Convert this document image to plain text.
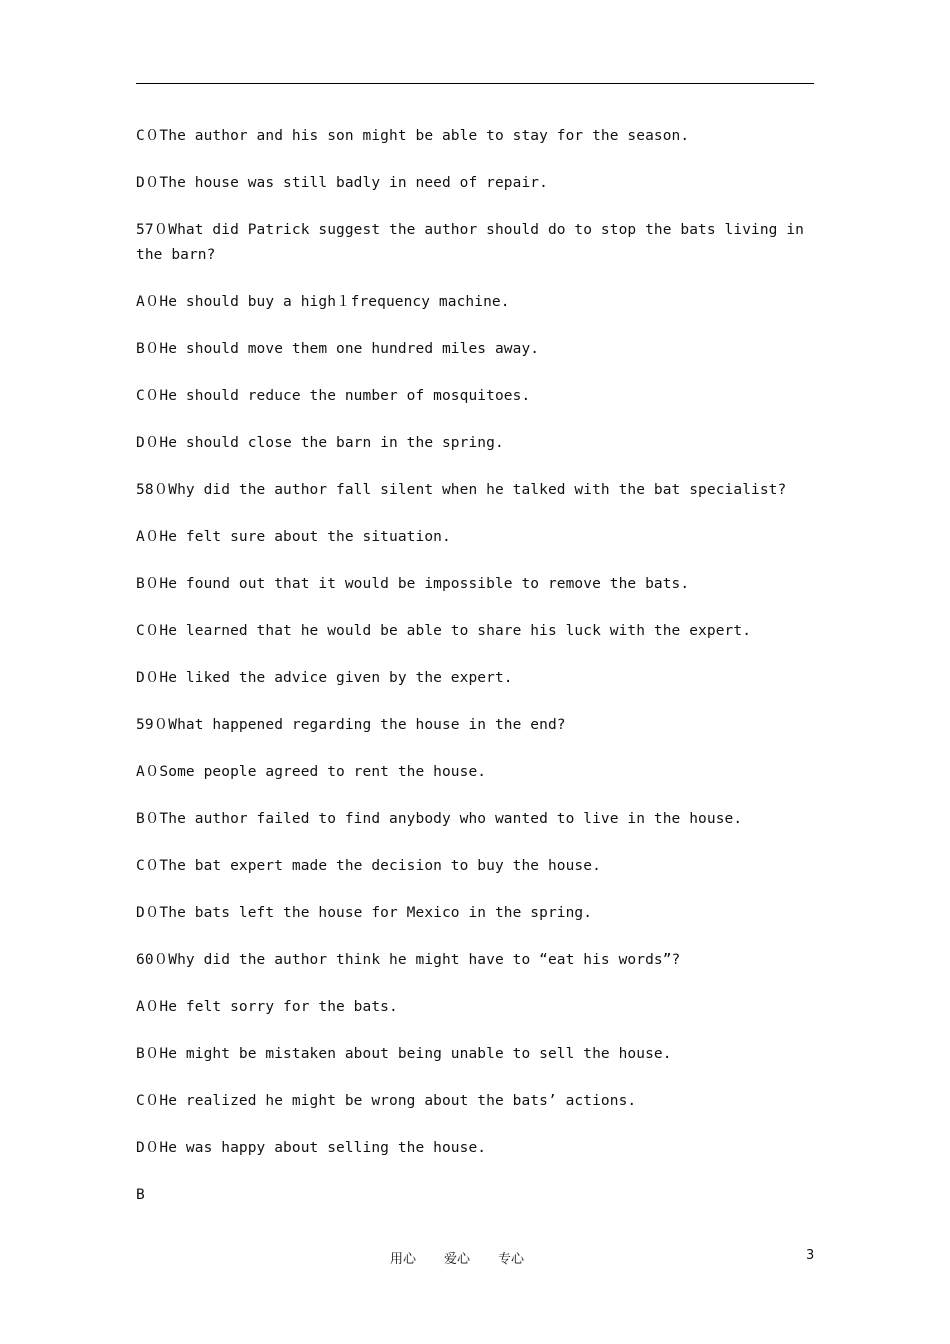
C０The author and his son might be able to stay for the season.
D０The house was still badly in need of repair.
57０What did Patrick suggest the author should do to stop the bats living in the barn?
A０He should buy a high１frequency machine.
B０He should move them one hundred miles away.
C０He should reduce the number of mosquitoes.
D０He should close the barn in the spring.
58０Why did the author fall silent when he talked with the bat specialist?
A０He felt sure about the situation.
B０He found out that it would be impossible to remove the bats.
C０He learned that he would be able to share his luck with the expert.
D０He liked the advice given by the expert.
59０What happened regarding the house in the end?
A０Some people agreed to rent the house.
B０The author failed to find anybody who wanted to live in the house.
C０The bat expert made the decision to buy the house.
D０The bats left the house for Mexico in the spring.
60０Why did the author think he might have to “eat his words”?
A０He felt sorry for the bats.
B０He might be mistaken about being unable to sell the house.
C０He realized he might be wrong about the bats’ actions.
D０He was happy about selling the house.
B
用心 爱心 专心	3
